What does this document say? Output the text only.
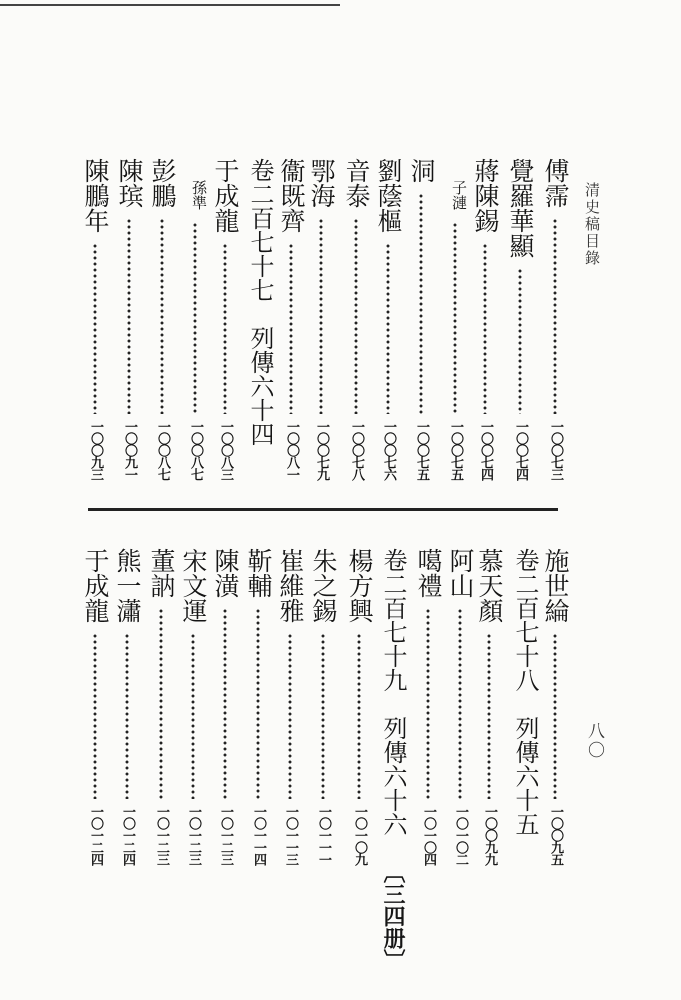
清史稿目錄
八〇
傅霈
一〇〇七三
覺羅華顯
一〇〇七四
蔣陳錫
一〇〇七四
子漣
一〇〇七五
洞
一〇〇七五
劉蔭樞
一〇〇七六
音泰
一〇〇七八
鄂海
一〇〇七九
衞既齊
一〇〇八一
卷二百七十七
列傳六十四
于成龍
一〇〇八三
孫準
一〇〇八七
彭鵬
一〇〇八七
陳瑸
一〇〇九一
陳鵬年
一〇〇九三
施世綸
一〇〇九五
卷二百七十八
列傳六十五
慕天顏
一〇〇九九
阿山
一〇一〇二
噶禮
一〇一〇四
卷二百七十九
列傳六十六
〔三四册〕
楊方興
一〇一〇九
朱之錫
一〇一一一
崔維雅
一〇一一三
靳輔
一〇一一四
陳潢
一〇一二三
宋文運
一〇一二三
董訥
一〇一二三
熊一瀟
一〇一二四
于成龍
一〇一二四
